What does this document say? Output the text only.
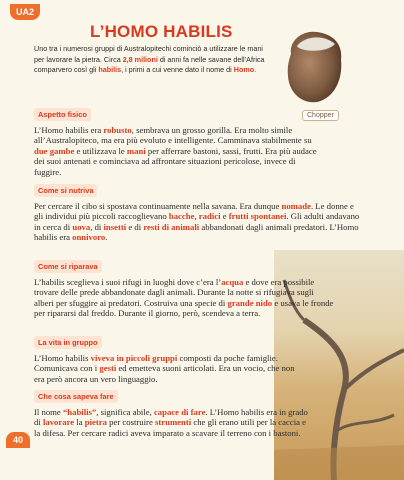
UA2
L’HOMO HABILIS
Uno tra i numerosi gruppi di Australopitechi cominciò a utilizzare le mani per lavorare la pietra. Circa 2,8 milioni di anni fa nelle savane dell’Africa comparvero così gli habilis, i primi a cui venne dato il nome di Homo.
Chopper
Aspetto fisico
L’Homo habilis era robusto, sembrava un grosso gorilla. Era molto simile all’Australopiteco, ma era più evoluto e intelligente. Camminava stabilmente su due gambe e utilizzava le mani per afferrare bastoni, sassi, frutti. Era più audace dei suoi antenati e cominciava ad affrontare situazioni pericolose, invece di fuggire.
Come si nutriva
Per cercare il cibo si spostava continuamente nella savana. Era dunque nomade. Le donne e gli individui più piccoli raccoglievano bacche, radici e frutti spontanei. Gli adulti andavano in cerca di uova, di insetti e di resti di animali abbandonati dagli animali predatori. L’Homo habilis era onnivoro.
Come si riparava
L’habilis sceglieva i suoi rifugi in luoghi dove c’era l’acqua e dove era possibile trovare delle prede abbandonate dagli animali. Durante la notte si rifugiava sugli alberi per sfuggire ai predatori. Costruiva una specie di grande nido e usava le fronde per ripararsi dal freddo. Durante il giorno, però, scendeva a terra.
La vita in gruppo
L’Homo habilis viveva in piccoli gruppi composti da poche famiglie. Comunicava con i gesti ed emetteva suoni articolati. Era un vocio, che non era però ancora un vero linguaggio.
Che cosa sapeva fare
Il nome “habilis”, significa abile, capace di fare. L’Homo habilis era in grado di lavorare la pietra per costruire strumenti che gli erano utili per la caccia e la difesa. Per cercare radici aveva imparato a scavare il terreno con i bastoni.
40
